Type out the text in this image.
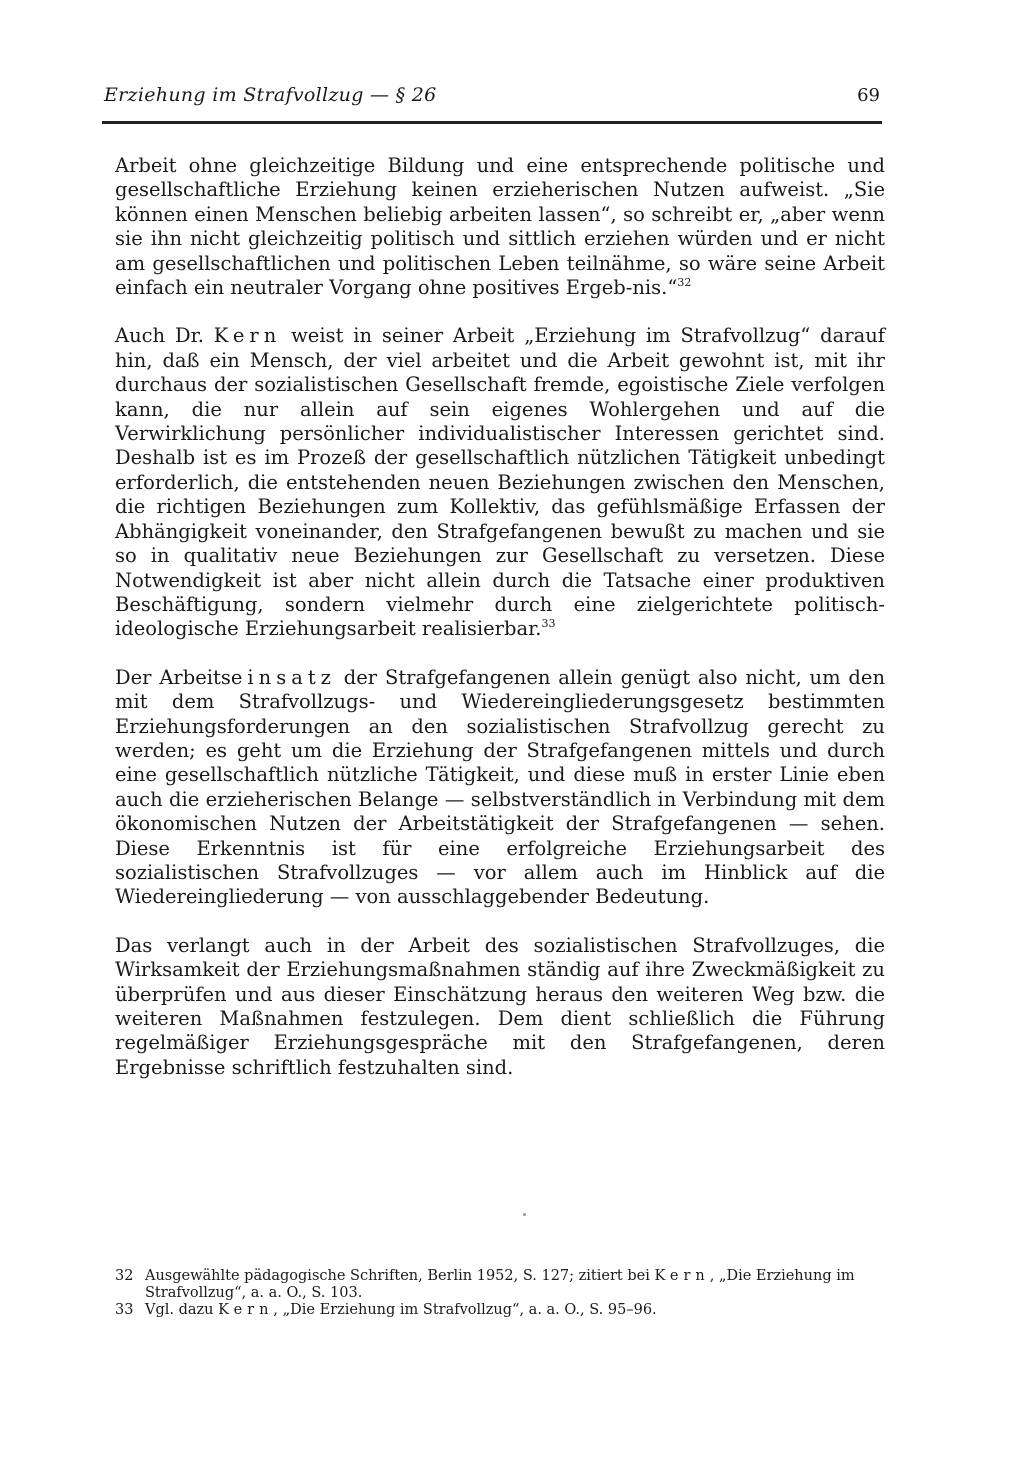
Erziehung im Strafvollzug — § 26	69

Arbeit ohne gleichzeitige Bildung und eine entsprechende politische und gesellschaftliche Erziehung keinen erzieherischen Nutzen aufweist. „Sie können einen Menschen beliebig arbeiten lassen“, so schreibt er, „aber wenn sie ihn nicht gleichzeitig politisch und sittlich erziehen würden und er nicht am gesellschaftlichen und politischen Leben teilnähme, so wäre seine Arbeit einfach ein neutraler Vorgang ohne positives Ergeb-nis.“$^{32}$

Auch Dr. Kern weist in seiner Arbeit „Erziehung im Strafvollzug“ darauf hin, daß ein Mensch, der viel arbeitet und die Arbeit gewohnt ist, mit ihr durchaus der sozialistischen Gesellschaft fremde, egoistische Ziele verfolgen kann, die nur allein auf sein eigenes Wohlergehen und auf die Verwirklichung persönlicher individualistischer Interessen gerichtet sind. Deshalb ist es im Prozeß der gesellschaftlich nützlichen Tätigkeit unbedingt erforderlich, die entstehenden neuen Beziehungen zwischen den Menschen, die richtigen Beziehungen zum Kollektiv, das gefühlsmäßige Erfassen der Abhängigkeit voneinander, den Strafgefangenen bewußt zu machen und sie so in qualitativ neue Beziehungen zur Gesellschaft zu versetzen. Diese Notwendigkeit ist aber nicht allein durch die Tatsache einer produktiven Beschäftigung, sondern vielmehr durch eine zielgerichtete politisch-ideologische Erziehungsarbeit realisierbar.$^{33}$

Der Arbeitseinsatz der Strafgefangenen allein genügt also nicht, um den mit dem Strafvollzugs- und Wiedereingliederungsgesetz bestimmten Erziehungsforderungen an den sozialistischen Strafvollzug gerecht zu werden; es geht um die Erziehung der Strafgefangenen mittels und durch eine gesellschaftlich nützliche Tätigkeit, und diese muß in erster Linie eben auch die erzieherischen Belange — selbstverständlich in Verbindung mit dem ökonomischen Nutzen der Arbeitstätigkeit der Strafgefangenen — sehen. Diese Erkenntnis ist für eine erfolgreiche Erziehungsarbeit des sozialistischen Strafvollzuges — vor allem auch im Hinblick auf die Wiedereingliederung — von ausschlaggebender Bedeutung.

Das verlangt auch in der Arbeit des sozialistischen Strafvollzuges, die Wirksamkeit der Erziehungsmaßnahmen ständig auf ihre Zweckmäßigkeit zu überprüfen und aus dieser Einschätzung heraus den weiteren Weg bzw. die weiteren Maßnahmen festzulegen. Dem dient schließlich die Führung regelmäßiger Erziehungsgespräche mit den Strafgefangenen, deren Ergebnisse schriftlich festzuhalten sind.

32 Ausgewählte pädagogische Schriften, Berlin 1952, S. 127; zitiert bei Kern, „Die Erziehung im Strafvollzug“, a. a. O., S. 103.
33 Vgl. dazu Kern, „Die Erziehung im Strafvollzug“, a. a. O., S. 95–96.
